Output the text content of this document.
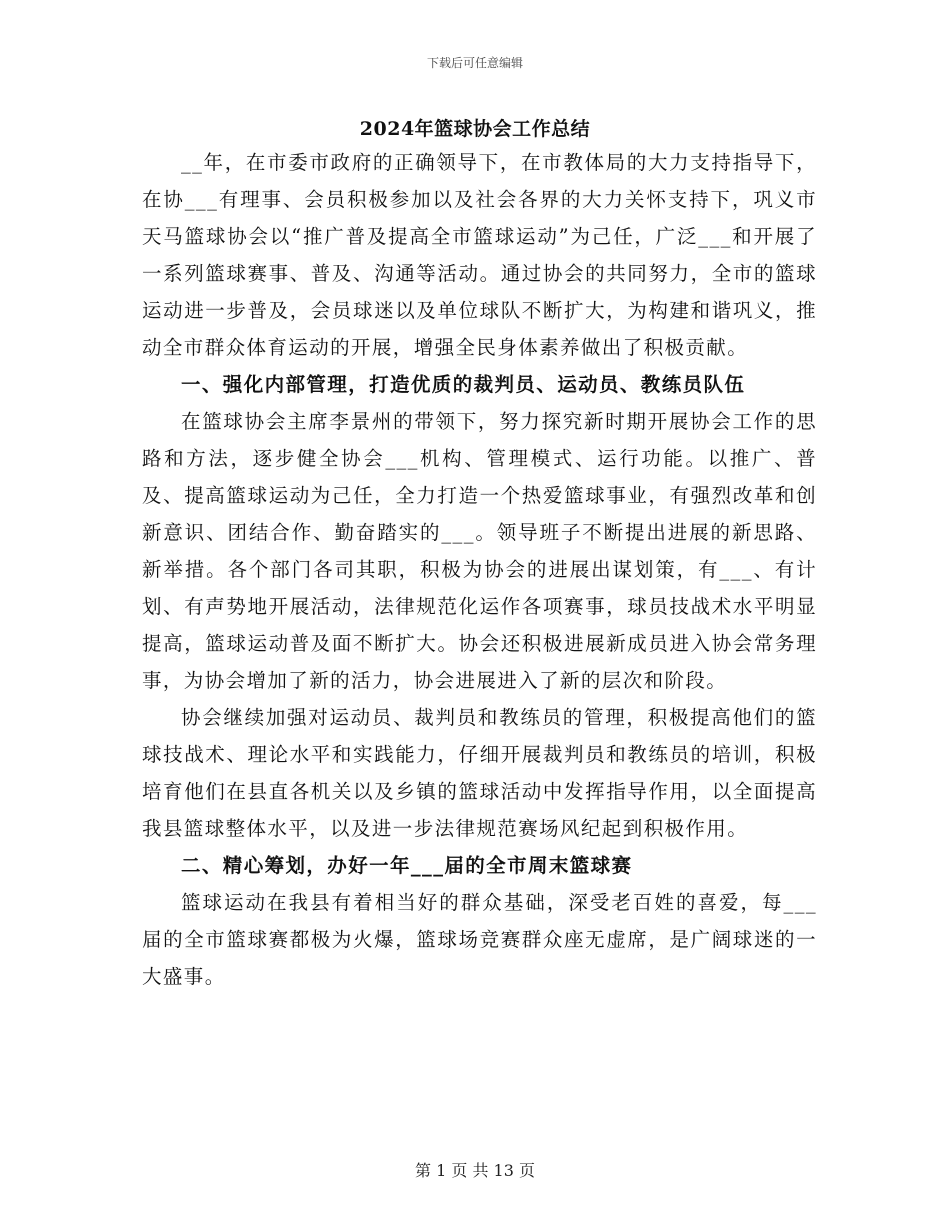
下载后可任意编辑
2024年篮球协会工作总结

__年，在市委市政府的正确领导下，在市教体局的大力支持指导下，在协___有理事、会员积极参加以及社会各界的大力关怀支持下，巩义市天马篮球协会以“推广普及提高全市篮球运动”为己任，广泛___和开展了一系列篮球赛事、普及、沟通等活动。通过协会的共同努力，全市的篮球运动进一步普及，会员球迷以及单位球队不断扩大，为构建和谐巩义，推动全市群众体育运动的开展，增强全民身体素养做出了积极贡献。

一、强化内部管理，打造优质的裁判员、运动员、教练员队伍

在篮球协会主席李景州的带领下，努力探究新时期开展协会工作的思路和方法，逐步健全协会___机构、管理模式、运行功能。以推广、普及、提高篮球运动为己任，全力打造一个热爱篮球事业，有强烈改革和创新意识、团结合作、勤奋踏实的___。领导班子不断提出进展的新思路、新举措。各个部门各司其职，积极为协会的进展出谋划策，有___、有计划、有声势地开展活动，法律规范化运作各项赛事，球员技战术水平明显提高，篮球运动普及面不断扩大。协会还积极进展新成员进入协会常务理事，为协会增加了新的活力，协会进展进入了新的层次和阶段。

协会继续加强对运动员、裁判员和教练员的管理，积极提高他们的篮球技战术、理论水平和实践能力，仔细开展裁判员和教练员的培训，积极培育他们在县直各机关以及乡镇的篮球活动中发挥指导作用，以全面提高我县篮球整体水平，以及进一步法律规范赛场风纪起到积极作用。

二、精心筹划，办好一年___届的全市周末篮球赛

篮球运动在我县有着相当好的群众基础，深受老百姓的喜爱，每___届的全市篮球赛都极为火爆，篮球场竞赛群众座无虚席，是广阔球迷的一大盛事。

第 1 页 共 13 页
